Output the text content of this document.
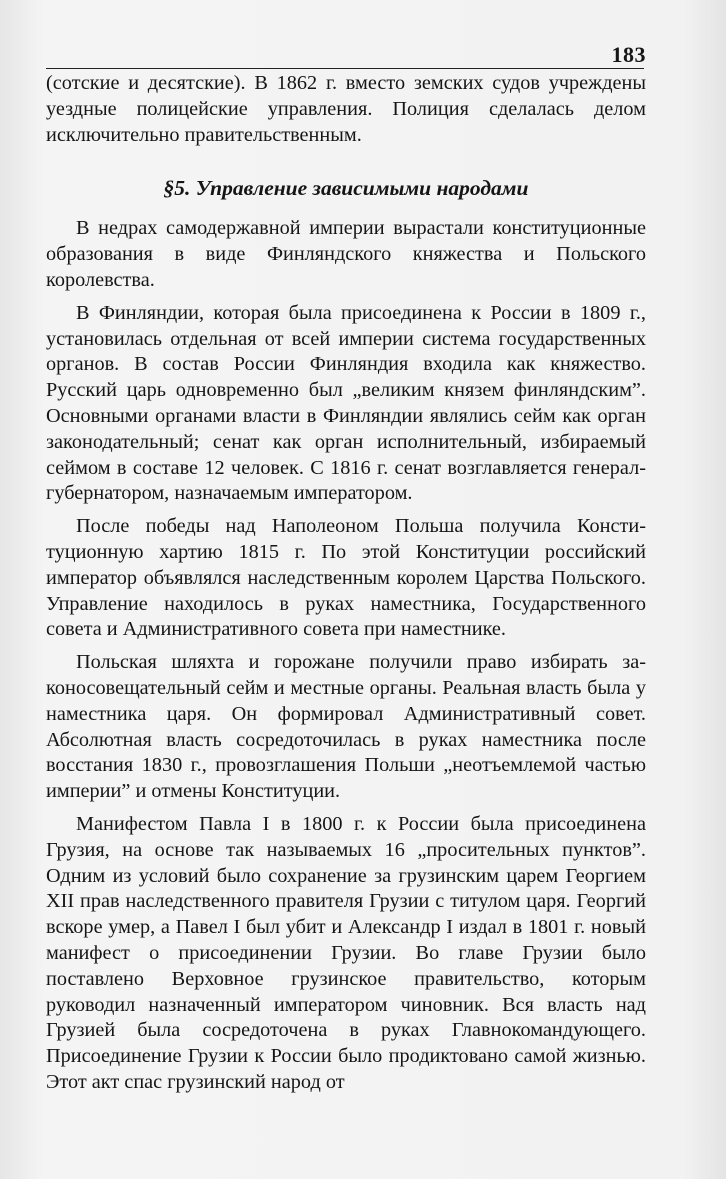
183

(сотские и десятские). В 1862 г. вместо земских судов учреждены уездные полицейские управления. Полиция сделалась делом исключительно правительственным.

§5. Управление зависимыми народами

В недрах самодержавной империи вырастали конституционные образования в виде Финляндского княжества и Польского королевства.

В Финляндии, которая была присоединена к России в 1809 г., установилась отдельная от всей империи система государственных органов. В состав России Финляндия входила как княжество. Русский царь одновременно был „великим князем финляндским”. Основными органами власти в Финляндии являлись сейм как орган законодательный; сенат как орган исполнительный, избираемый сеймом в составе 12 человек. С 1816 г. сенат возглавляется генерал-губернатором, назначаемым императором.

После победы над Наполеоном Польша получила Конституционную хартию 1815 г. По этой Конституции российский император объявлялся наследственным королем Царства Польского. Управление находилось в руках наместника, Государственного совета и Административного совета при наместнике.

Польская шляхта и горожане получили право избирать законосовещательный сейм и местные органы. Реальная власть была у наместника царя. Он формировал Административный совет. Абсолютная власть сосредоточилась в руках наместника после восстания 1830 г., провозглашения Польши „неотъемлемой частью империи” и отмены Конституции.

Манифестом Павла I в 1800 г. к России была присоединена Грузия, на основе так называемых 16 „просительных пунктов”. Одним из условий было сохранение за грузинским царем Георгием XII прав наследственного правителя Грузии с титулом царя. Георгий вскоре умер, а Павел I был убит и Александр I издал в 1801 г. новый манифест о присоединении Грузии. Во главе Грузии было поставлено Верховное грузинское правительство, которым руководил назначенный императором чиновник. Вся власть над Грузией была сосредоточена в руках Главнокомандующего. Присоединение Грузии к России было продиктовано самой жизнью. Этот акт спас грузинский народ от
